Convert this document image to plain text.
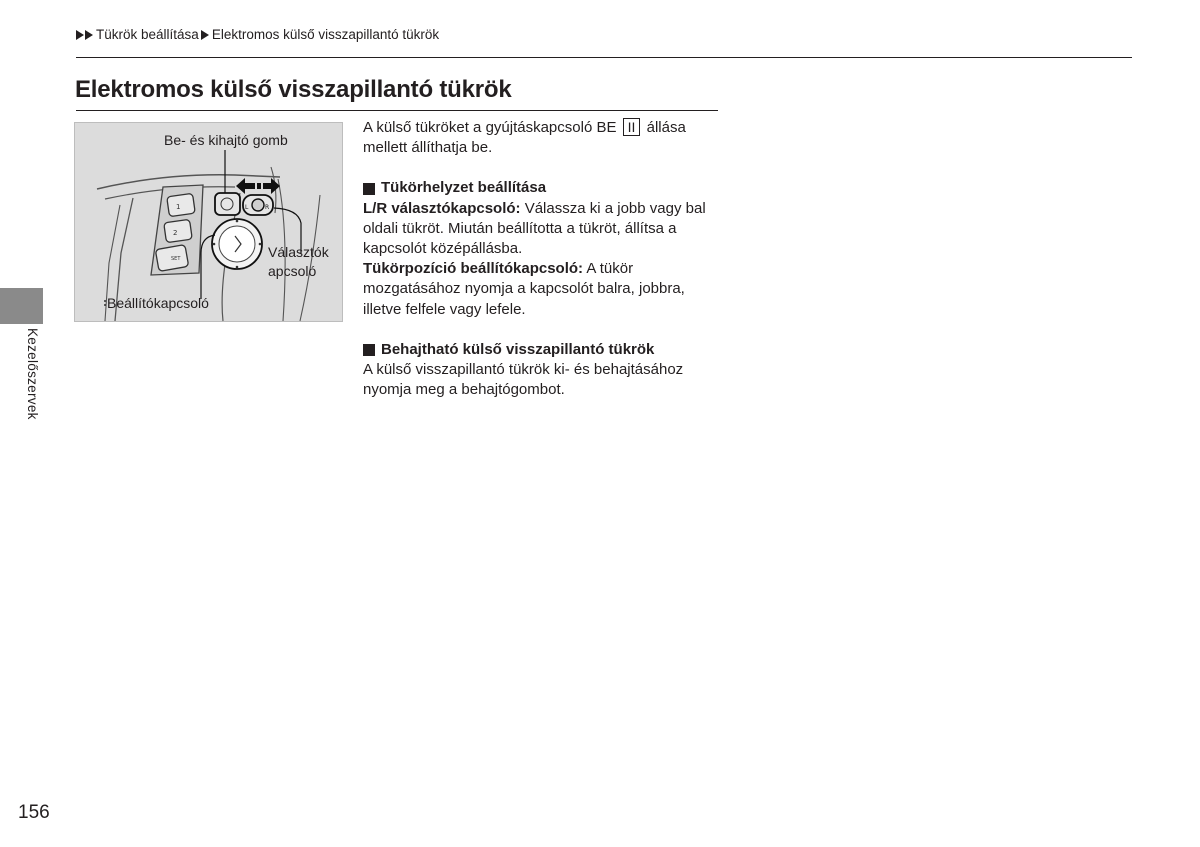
Tükrök beállítása Elektromos külső visszapillantó tükrök
Elektromos külső visszapillantó tükrök
1
2
SET
L	R
Be- és kihajtó gomb
Választók
apcsoló
Beállítókapcsoló

A külső tükröket a gyújtáskapcsoló BE II állása mellett állíthatja be.

Tükörhelyzet beállítása

L/R választókapcsoló: Válassza ki a jobb vagy bal oldali tükröt. Miután beállította a tükröt, állítsa a kapcsolót középállásba.

Tükörpozíció beállítókapcsoló: A tükör mozgatásához nyomja a kapcsolót balra, jobbra, illetve felfele vagy lefele.

Behajtható külső visszapillantó tükrök

A külső visszapillantó tükrök ki- és behajtásához nyomja meg a behajtógombot.

Kezelőszervek
156
